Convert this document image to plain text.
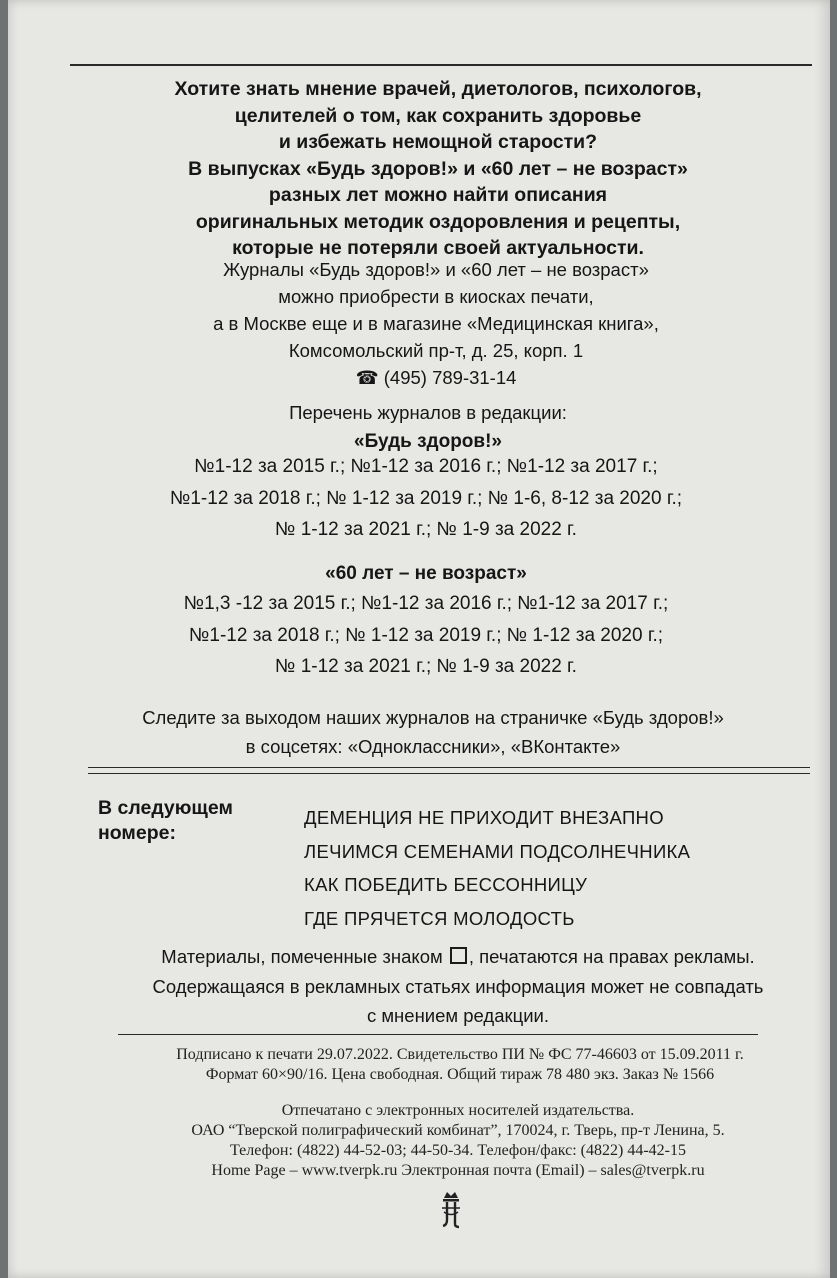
Хотите знать мнение врачей, диетологов, психологов,
целителей о том, как сохранить здоровье
и избежать немощной старости?
В выпусках «Будь здоров!» и «60 лет – не возраст»
разных лет можно найти описания
оригинальных методик оздоровления и рецепты,
которые не потеряли своей актуальности.
Журналы «Будь здоров!» и «60 лет – не возраст»
можно приобрести в киосках печати,
а в Москве еще и в магазине «Медицинская книга»,
Комсомольский пр-т, д. 25, корп. 1
☎ (495) 789-31-14
Перечень журналов в редакции:
«Будь здоров!»
№1-12 за 2015 г.; №1-12 за 2016 г.; №1-12 за 2017 г.;
№1-12 за 2018 г.; № 1-12 за 2019 г.; № 1-6, 8-12 за 2020 г.;
№ 1-12 за 2021 г.; № 1-9 за 2022 г.
«60 лет – не возраст»
№1,3 -12 за 2015 г.; №1-12 за 2016 г.; №1-12 за 2017 г.;
№1-12 за 2018 г.; № 1-12 за 2019 г.; № 1-12 за 2020 г.;
№ 1-12 за 2021 г.; № 1-9 за 2022 г.
Следите за выходом наших журналов на страничке «Будь здоров!»
в соцсетях: «Одноклассники», «ВКонтакте»
В следующем
номере:
ДЕМЕНЦИЯ НЕ ПРИХОДИТ ВНЕЗАПНО
ЛЕЧИМСЯ СЕМЕНАМИ ПОДСОЛНЕЧНИКА
КАК ПОБЕДИТЬ БЕССОННИЦУ
ГДЕ ПРЯЧЕТСЯ МОЛОДОСТЬ
Материалы, помеченные знаком , печатаются на правах рекламы.
Содержащаяся в рекламных статьях информация может не совпадать
с мнением редакции.
Подписано к печати 29.07.2022. Свидетельство ПИ № ФС 77-46603 от 15.09.2011 г.
Формат 60×90/16. Цена свободная. Общий тираж 78 480 экз. Заказ № 1566
Отпечатано с электронных носителей издательства.
ОАО “Тверской полиграфический комбинат”, 170024, г. Тверь, пр-т Ленина, 5.
Телефон: (4822) 44-52-03; 44-50-34. Телефон/факс: (4822) 44-42-15
Home Page – www.tverpk.ru Электронная почта (Email) – sales@tverpk.ru
